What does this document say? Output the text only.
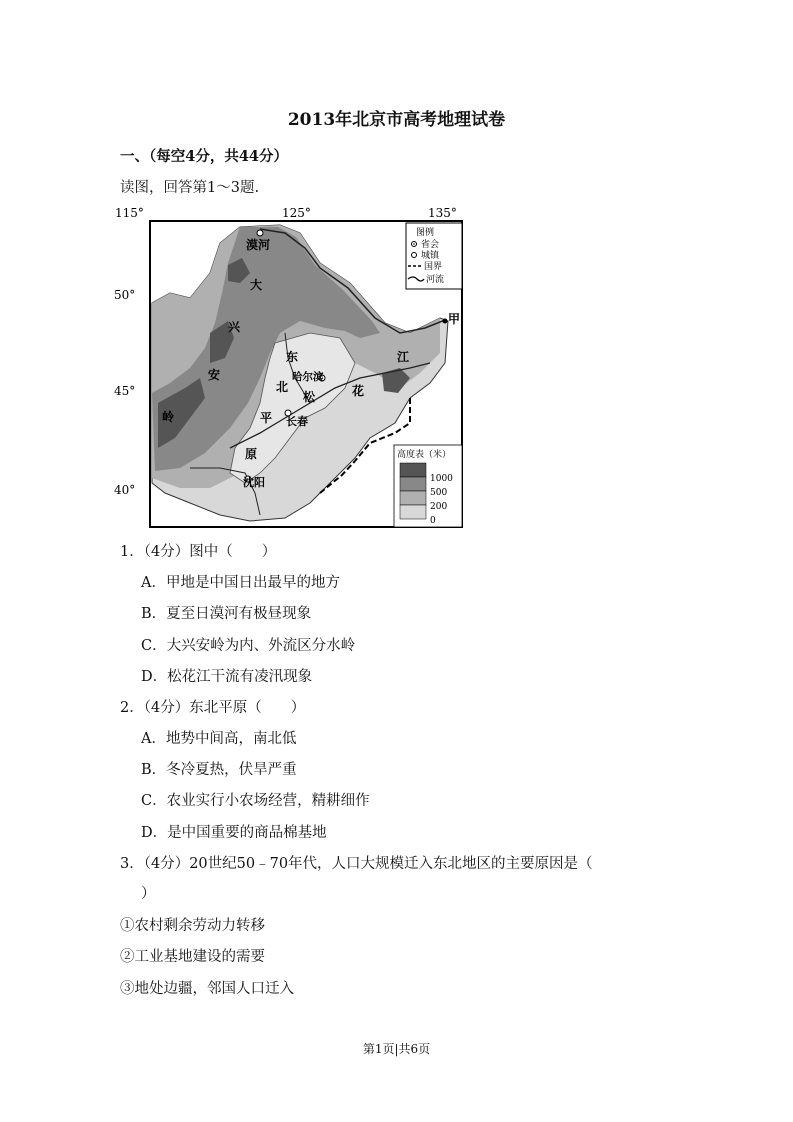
2013年北京市高考地理试卷
一、（每空4分，共44分）
读图，回答第1～3题.
115°	125°	135°
50°
45°
40°
漠河
大
兴
安
岭
甲
江
花
松
东
北
哈尔滨
长春
平
原
沈阳
图例
省会
城镇
国界
河流
高度表（米）
1000
500
200
0
1．（4分）图中（　　）
A．甲地是中国日出最早的地方
B．夏至日漠河有极昼现象
C．大兴安岭为内、外流区分水岭
D．松花江干流有凌汛现象
2．（4分）东北平原（　　）
A．地势中间高，南北低
B．冬冷夏热，伏旱严重
C．农业实行小农场经营，精耕细作
D．是中国重要的商品棉基地
3．（4分）20世纪50﹣70年代，人口大规模迁入东北地区的主要原因是（
）
①农村剩余劳动力转移
②工业基地建设的需要
③地处边疆，邻国人口迁入
第1页|共6页
